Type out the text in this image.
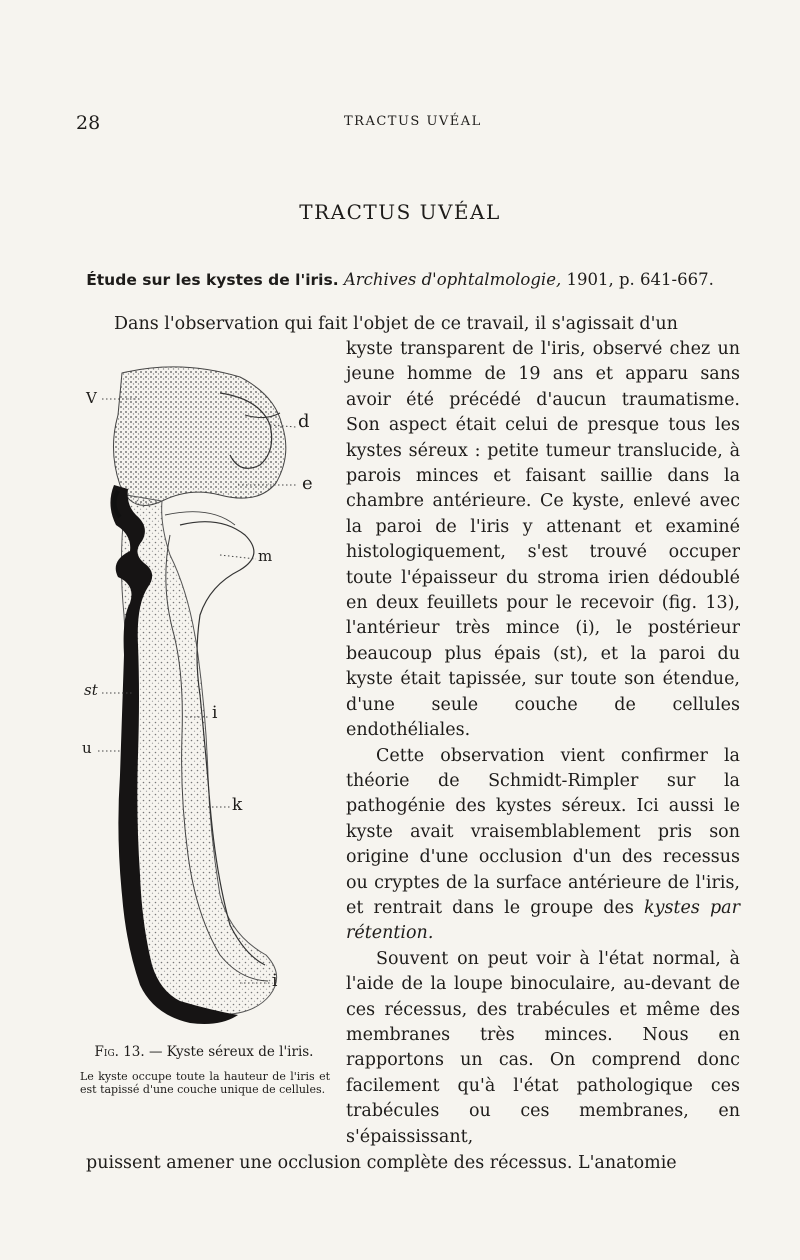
28	TRACTUS UVÉAL
TRACTUS UVÉAL
Étude sur les kystes de l'iris. Archives d'ophtalmologie, 1901, p. 641-667.
Dans l'observation qui fait l'objet de ce travail, il s'agissait d'un

kyste transparent de l'iris, observé chez un jeune homme de 19 ans et apparu sans avoir été précédé d'aucun traumatisme. Son aspect était celui de presque tous les kystes séreux : petite tumeur translucide, à parois minces et faisant saillie dans la chambre antérieure. Ce kyste, enlevé avec la paroi de l'iris y attenant et examiné histologiquement, s'est trouvé occuper toute l'épaisseur du stroma irien dédoublé en deux feuillets pour le recevoir (fig. 13), l'antérieur très mince (i), le postérieur beaucoup plus épais (st), et la paroi du kyste était tapissée, sur toute son étendue, d'une seule couche de cellules endothéliales.

Cette observation vient confirmer la théorie de Schmidt-Rimpler sur la pathogénie des kystes séreux. Ici aussi le kyste avait vraisemblablement pris son origine d'une occlusion d'un des recessus ou cryptes de la surface antérieure de l'iris, et rentrait dans le groupe des kystes par rétention.

Souvent on peut voir à l'état normal, à l'aide de la loupe binoculaire, au-devant de ces récessus, des trabécules et même des membranes très minces. Nous en rapportons un cas. On comprend donc facilement qu'à l'état pathologique ces trabécules ou ces membranes, en s'épaississant,

puissent amener une occlusion complète des récessus. L'anatomie
V
d
e
m
st
i
u
k
i
Fig. 13. — Kyste séreux de l'iris.
Le kyste occupe toute la hauteur de l'iris et est tapissé d'une couche unique de cellules.
